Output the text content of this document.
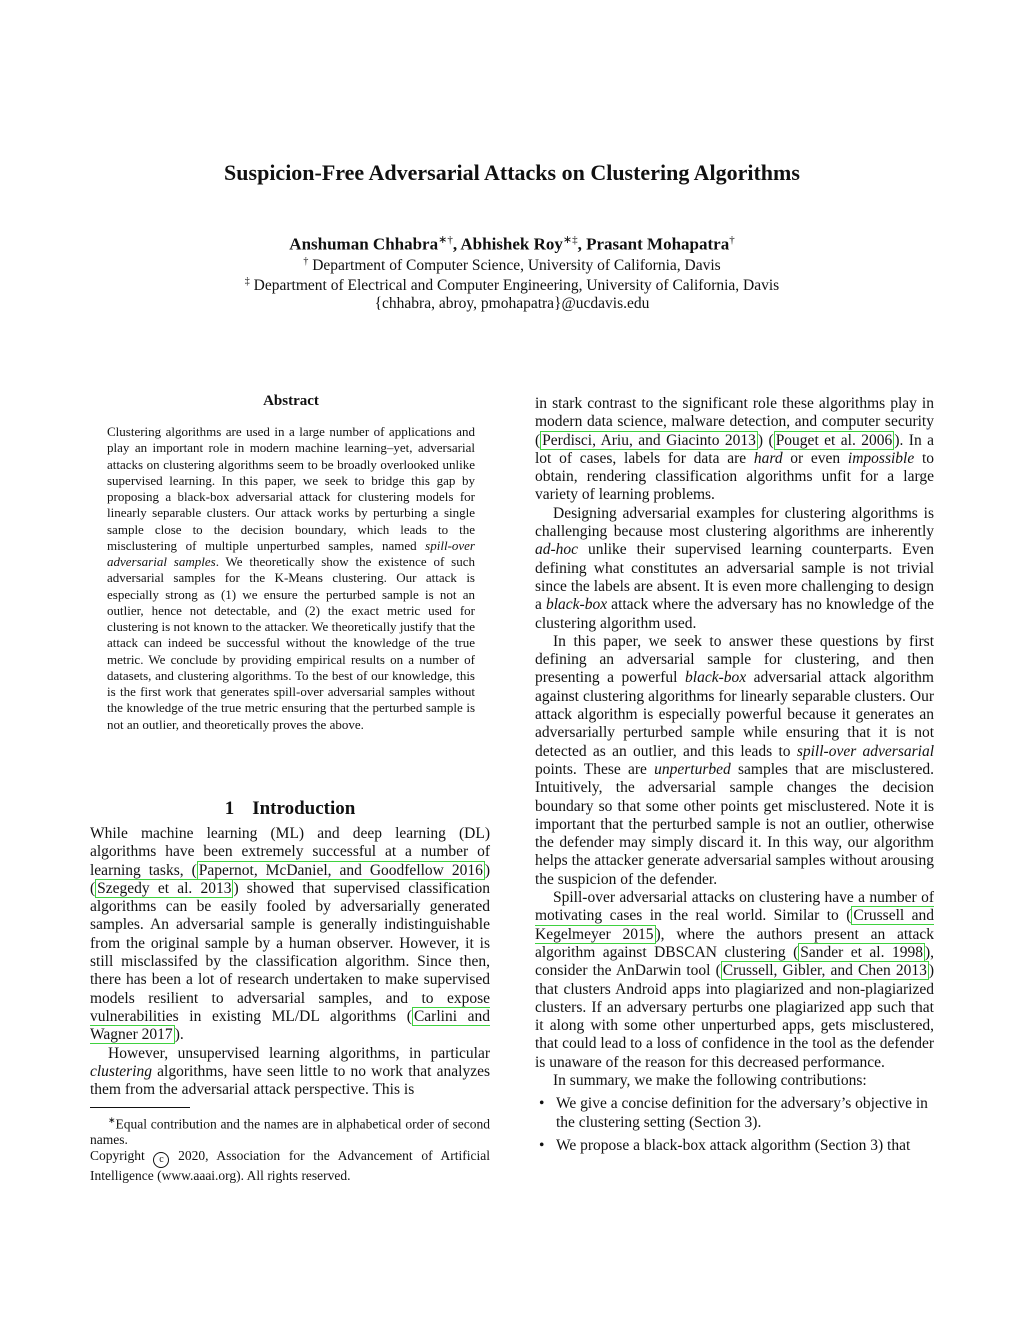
Suspicion-Free Adversarial Attacks on Clustering Algorithms
Anshuman Chhabra∗†, Abhishek Roy∗‡, Prasant Mohapatra†
† Department of Computer Science, University of California, Davis
‡ Department of Electrical and Computer Engineering, University of California, Davis
{chhabra, abroy, pmohapatra}@ucdavis.edu
Abstract
Clustering algorithms are used in a large number of applications and play an important role in modern machine learning–yet, adversarial attacks on clustering algorithms seem to be broadly overlooked unlike supervised learning. In this paper, we seek to bridge this gap by proposing a black-box adversarial attack for clustering models for linearly separable clusters. Our attack works by perturbing a single sample close to the decision boundary, which leads to the misclustering of multiple unperturbed samples, named spill-over adversarial samples. We theoretically show the existence of such adversarial samples for the K-Means clustering. Our attack is especially strong as (1) we ensure the perturbed sample is not an outlier, hence not detectable, and (2) the exact metric used for clustering is not known to the attacker. We theoretically justify that the attack can indeed be successful without the knowledge of the true metric. We conclude by providing empirical results on a number of datasets, and clustering algorithms. To the best of our knowledge, this is the first work that generates spill-over adversarial samples without the knowledge of the true metric ensuring that the perturbed sample is not an outlier, and theoretically proves the above.
1 Introduction

While machine learning (ML) and deep learning (DL) algorithms have been extremely successful at a number of learning tasks, ( Papernot, McDaniel, and Goodfellow 2016 ) ( Szegedy et al. 2013 ) showed that supervised classification algorithms can be easily fooled by adversarially generated samples. An adversarial sample is generally indistinguishable from the original sample by a human observer. However, it is still misclassifed by the classification algorithm. Since then, there has been a lot of research undertaken to make supervised models resilient to adversarial samples, and to expose vulnerabilities in existing ML/DL algorithms ( Carlini and Wagner 2017 ).

However, unsupervised learning algorithms, in particular clustering algorithms, have seen little to no work that analyzes them from the adversarial attack perspective. This is

∗Equal contribution and the names are in alphabetical order of second names.

Copyright c 2020, Association for the Advancement of Artificial Intelligence (www.aaai.org). All rights reserved.

in stark contrast to the significant role these algorithms play in modern data science, malware detection, and computer security ( Perdisci, Ariu, and Giacinto 2013 ) ( Pouget et al. 2006 ). In a lot of cases, labels for data are hard or even impossible to obtain, rendering classification algorithms unfit for a large variety of learning problems.

Designing adversarial examples for clustering algorithms is challenging because most clustering algorithms are inherently ad-hoc unlike their supervised learning counterparts. Even defining what constitutes an adversarial sample is not trivial since the labels are absent. It is even more challenging to design a black-box attack where the adversary has no knowledge of the clustering algorithm used.

In this paper, we seek to answer these questions by first defining an adversarial sample for clustering, and then presenting a powerful black-box adversarial attack algorithm against clustering algorithms for linearly separable clusters. Our attack algorithm is especially powerful because it generates an adversarially perturbed sample while ensuring that it is not detected as an outlier, and this leads to spill-over adversarial points. These are unperturbed samples that are misclustered. Intuitively, the adversarial sample changes the decision boundary so that some other points get misclustered. Note it is important that the perturbed sample is not an outlier, otherwise the defender may simply discard it. In this way, our algorithm helps the attacker generate adversarial samples without arousing the suspicion of the defender.

Spill-over adversarial attacks on clustering have a number of motivating cases in the real world. Similar to ( Crussell and Kegelmeyer 2015 ), where the authors present an attack algorithm against DBSCAN clustering ( Sander et al. 1998 ), consider the AnDarwin tool ( Crussell, Gibler, and Chen 2013 ) that clusters Android apps into plagiarized and non-plagiarized clusters. If an adversary perturbs one plagiarized app such that it along with some other unperturbed apps, gets misclustered, that could lead to a loss of confidence in the tool as the defender is unaware of the reason for this decreased performance.

In summary, we make the following contributions:

• We give a concise definition for the adversary’s objective in the clustering setting (Section 3).
• We propose a black-box attack algorithm (Section 3) that
